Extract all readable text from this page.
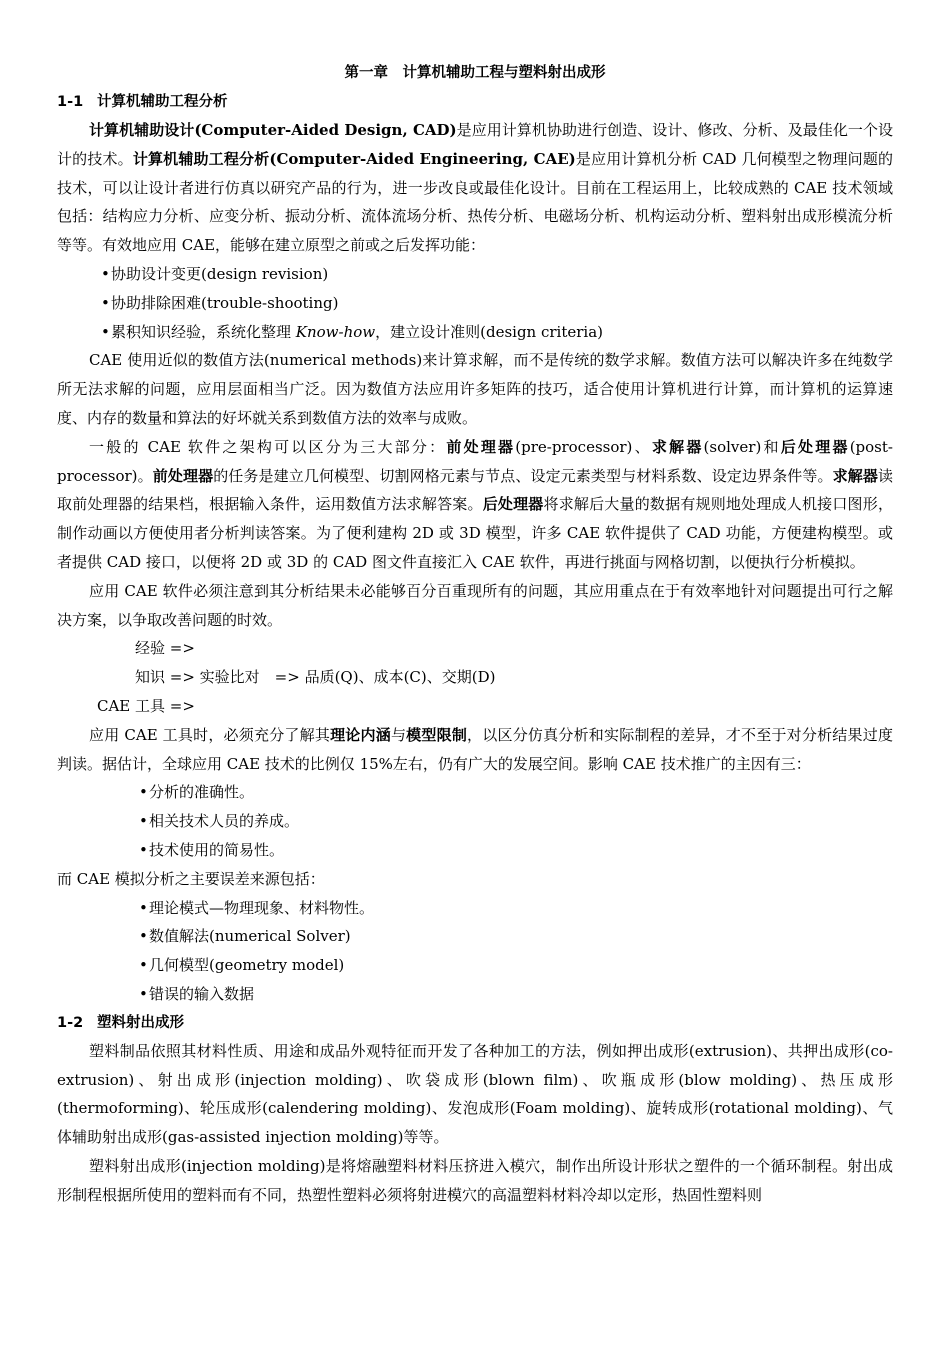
第一章　计算机辅助工程与塑料射出成形
1-1 计算机辅助工程分析

计算机辅助设计(Computer-Aided Design, CAD)是应用计算机协助进行创造、设计、修改、分析、及最佳化一个设计的技术。计算机辅助工程分析(Computer-Aided Engineering, CAE)是应用计算机分析 CAD 几何模型之物理问题的技术，可以让设计者进行仿真以研究产品的行为，进一步改良或最佳化设计。目前在工程运用上，比较成熟的 CAE 技术领域包括：结构应力分析、应变分析、振动分析、流体流场分析、热传分析、电磁场分析、机构运动分析、塑料射出成形模流分析等等。有效地应用 CAE，能够在建立原型之前或之后发挥功能：

• 协助设计变更(design revision)
• 协助排除困难(trouble-shooting)
• 累积知识经验，系统化整理 Know-how，建立设计准则(design criteria)

CAE 使用近似的数值方法(numerical methods)来计算求解，而不是传统的数学求解。数值方法可以解决许多在纯数学所无法求解的问题，应用层面相当广泛。因为数值方法应用许多矩阵的技巧，适合使用计算机进行计算，而计算机的运算速度、内存的数量和算法的好坏就关系到数值方法的效率与成败。

一般的 CAE 软件之架构可以区分为三大部分：前处理器(pre-processor)、求解器(solver)和后处理器(post-processor)。前处理器的任务是建立几何模型、切割网格元素与节点、设定元素类型与材料系数、设定边界条件等。求解器读取前处理器的结果档，根据输入条件，运用数值方法求解答案。后处理器将求解后大量的数据有规则地处理成人机接口图形，制作动画以方便使用者分析判读答案。为了便利建构 2D 或 3D 模型，许多 CAE 软件提供了 CAD 功能，方便建构模型。或者提供 CAD 接口，以便将 2D 或 3D 的 CAD 图文件直接汇入 CAE 软件，再进行挑面与网格切割，以便执行分析模拟。

应用 CAE 软件必须注意到其分析结果未必能够百分百重现所有的问题，其应用重点在于有效率地针对问题提出可行之解决方案，以争取改善问题的时效。

经验 =>
知识 => 实验比对　=> 品质(Q)、成本(C)、交期(D)
CAE 工具 =>

应用 CAE 工具时，必须充分了解其理论内涵与模型限制，以区分仿真分析和实际制程的差异，才不至于对分析结果过度判读。据估计，全球应用 CAE 技术的比例仅 15%左右，仍有广大的发展空间。影响 CAE 技术推广的主因有三：

• 分析的准确性。
• 相关技术人员的养成。
• 技术使用的简易性。

而 CAE 模拟分析之主要误差来源包括：

• 理论模式—物理现象、材料物性。
• 数值解法(numerical Solver)
• 几何模型(geometry model)
• 错误的输入数据
1-2 塑料射出成形

塑料制品依照其材料性质、用途和成品外观特征而开发了各种加工的方法，例如押出成形(extrusion)、共押出成形(co-extrusion)、射出成形(injection molding)、吹袋成形(blown film)、吹瓶成形(blow molding)、热压成形(thermoforming)、轮压成形(calendering molding)、发泡成形(Foam molding)、旋转成形(rotational molding)、气体辅助射出成形(gas-assisted injection molding)等等。

塑料射出成形(injection molding)是将熔融塑料材料压挤进入模穴，制作出所设计形状之塑件的一个循环制程。射出成形制程根据所使用的塑料而有不同，热塑性塑料必须将射进模穴的高温塑料材料冷却以定形，热固性塑料则
